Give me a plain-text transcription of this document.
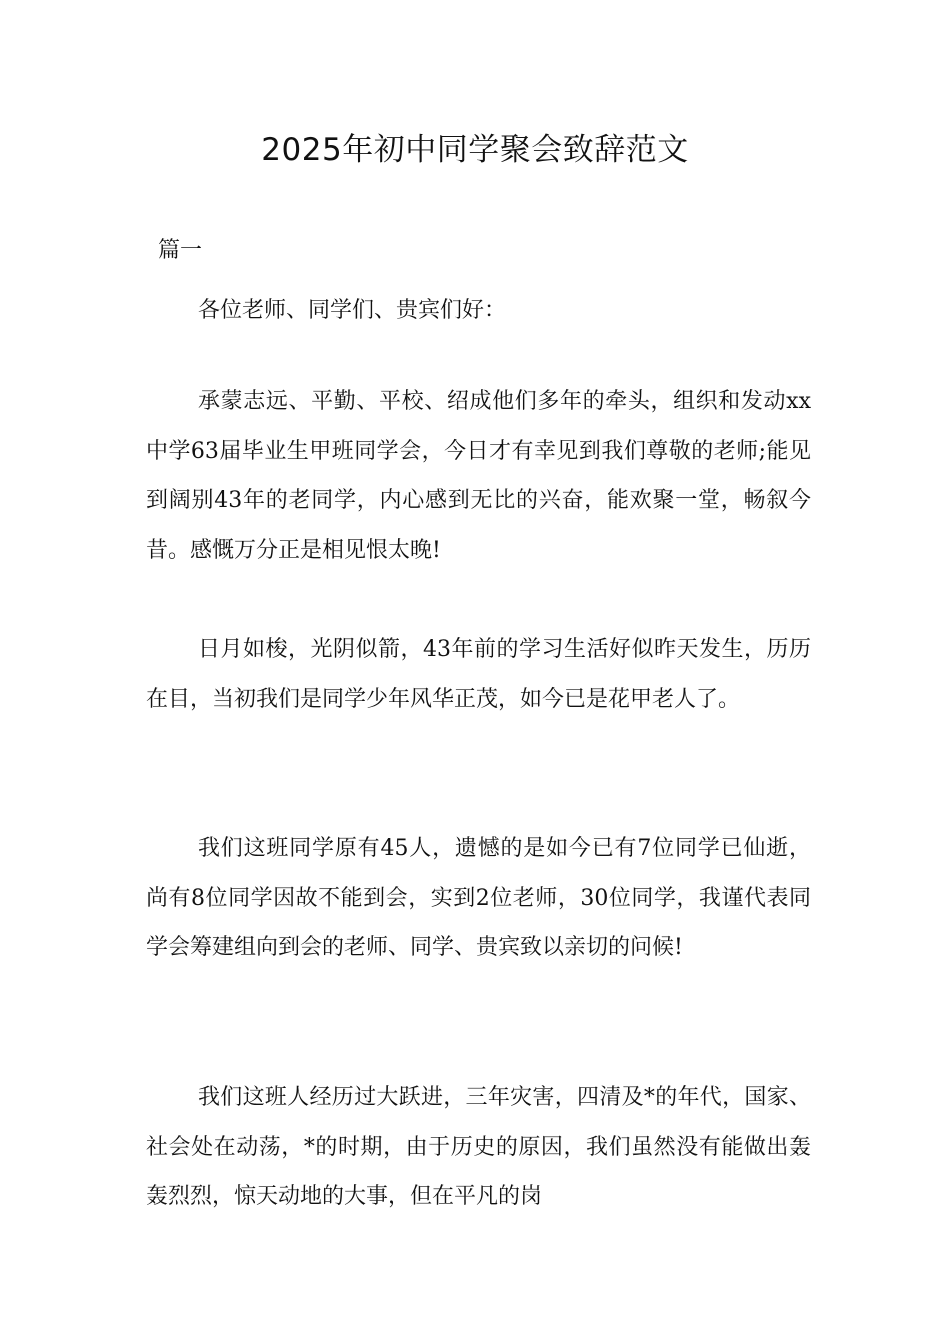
2025年初中同学聚会致辞范文

篇一

各位老师、同学们、贵宾们好：

承蒙志远、平勤、平校、绍成他们多年的牵头，组织和发动xx中学63届毕业生甲班同学会，今日才有幸见到我们尊敬的老师;能见到阔别43年的老同学，内心感到无比的兴奋，能欢聚一堂，畅叙今昔。感慨万分正是相见恨太晚!

日月如梭，光阴似箭，43年前的学习生活好似昨天发生，历历在目，当初我们是同学少年风华正茂，如今已是花甲老人了。

我们这班同学原有45人，遗憾的是如今已有7位同学已仙逝，尚有8位同学因故不能到会，实到2位老师，30位同学，我谨代表同学会筹建组向到会的老师、同学、贵宾致以亲切的问候!

我们这班人经历过大跃进，三年灾害，四清及*的年代，国家、社会处在动荡，*的时期，由于历史的原因，我们虽然没有能做出轰轰烈烈，惊天动地的大事，但在平凡的岗
